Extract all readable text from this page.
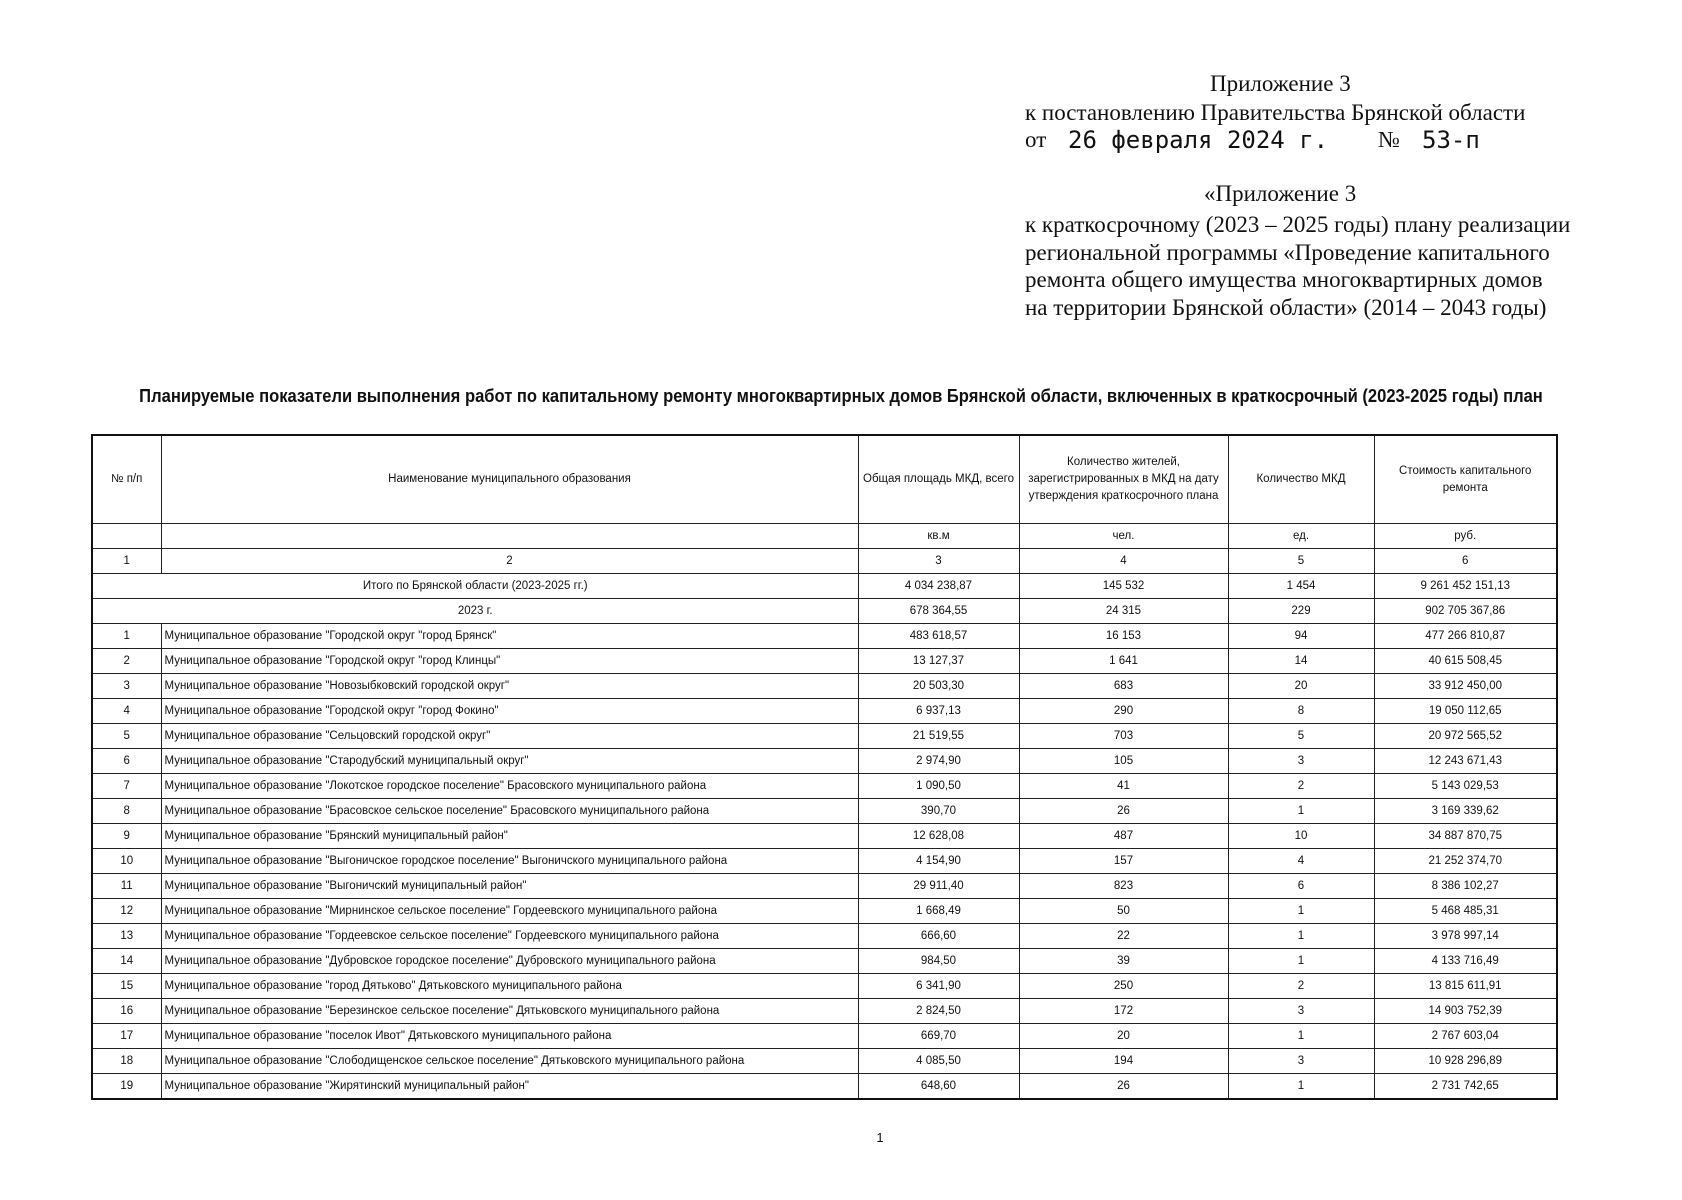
Приложение 3
к постановлению Правительства Брянской области
от 26 февраля 2024 г. № 53-п
«Приложение 3
к краткосрочному (2023 – 2025 годы) плану реализации
региональной программы «Проведение капитального
ремонта общего имущества многоквартирных домов
на территории Брянской области» (2014 – 2043 годы)
Планируемые показатели выполнения работ по капитальному ремонту многоквартирных домов Брянской области, включенных в краткосрочный (2023-2025 годы) план
№ п/п	Наименование муниципального образования	Общая площадь МКД, всего	Количество жителей, зарегистрированных в МКД на дату утверждения краткосрочного плана	Количество МКД	Стоимость капитального ремонта
		кв.м	чел.	ед.	руб.
1	2	3	4	5	6
Итого по Брянской области (2023-2025 гг.)		4 034 238,87	145 532	1 454	9 261 452 151,13
2023 г.		678 364,55	24 315	229	902 705 367,86
1	Муниципальное образование "Городской округ "город Брянск"	483 618,57	16 153	94	477 266 810,87
2	Муниципальное образование "Городской округ "город Клинцы"	13 127,37	1 641	14	40 615 508,45
3	Муниципальное образование "Новозыбковский городской округ"	20 503,30	683	20	33 912 450,00
4	Муниципальное образование "Городской округ "город Фокино"	6 937,13	290	8	19 050 112,65
5	Муниципальное образование "Сельцовский городской округ"	21 519,55	703	5	20 972 565,52
6	Муниципальное образование "Стародубский муниципальный округ"	2 974,90	105	3	12 243 671,43
7	Муниципальное образование "Локотское городское поселение" Брасовского муниципального района	1 090,50	41	2	5 143 029,53
8	Муниципальное образование "Брасовское сельское поселение" Брасовского муниципального района	390,70	26	1	3 169 339,62
9	Муниципальное образование "Брянский муниципальный район"	12 628,08	487	10	34 887 870,75
10	Муниципальное образование "Выгоничское городское поселение" Выгоничского муниципального района	4 154,90	157	4	21 252 374,70
11	Муниципальное образование "Выгоничский муниципальный район"	29 911,40	823	6	8 386 102,27
12	Муниципальное образование "Мирнинское сельское поселение" Гордеевского муниципального района	1 668,49	50	1	5 468 485,31
13	Муниципальное образование "Гордеевское сельское поселение" Гордеевского муниципального района	666,60	22	1	3 978 997,14
14	Муниципальное образование "Дубровское городское поселение" Дубровского муниципального района	984,50	39	1	4 133 716,49
15	Муниципальное образование "город Дятьково" Дятьковского муниципального района	6 341,90	250	2	13 815 611,91
16	Муниципальное образование "Березинское сельское поселение" Дятьковского муниципального района	2 824,50	172	3	14 903 752,39
17	Муниципальное образование "поселок Ивот" Дятьковского муниципального района	669,70	20	1	2 767 603,04
18	Муниципальное образование "Слободищенское сельское поселение" Дятьковского муниципального района	4 085,50	194	3	10 928 296,89
19	Муниципальное образование "Жирятинский муниципальный район"	648,60	26	1	2 731 742,65
1
